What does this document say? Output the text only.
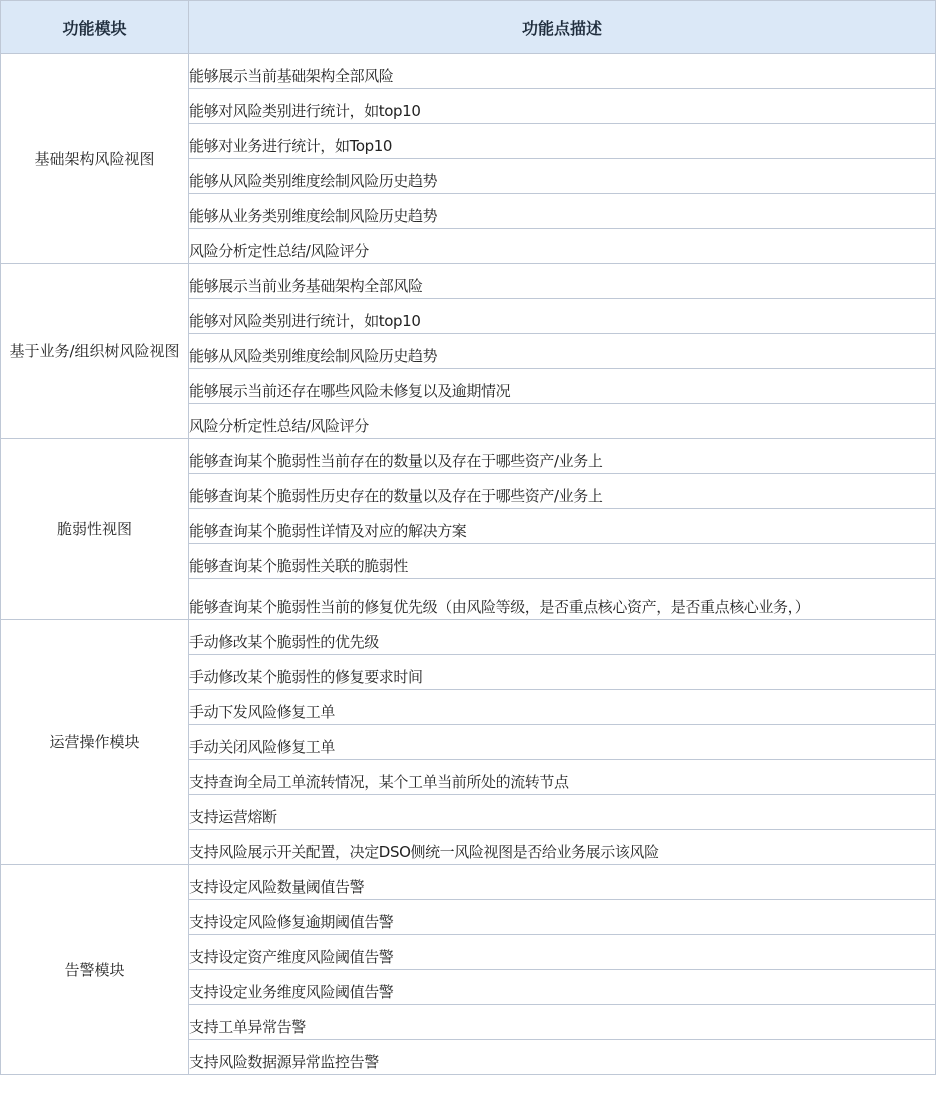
功能模块	功能点描述
基础架构风险视图	能够展示当前基础架构全部风险
	能够对风险类别进行统计，如top10
	能够对业务进行统计，如Top10
	能够从风险类别维度绘制风险历史趋势
	能够从业务类别维度绘制风险历史趋势
	风险分析定性总结/风险评分
基于业务/组织树风险视图	能够展示当前业务基础架构全部风险
	能够对风险类别进行统计，如top10
	能够从风险类别维度绘制风险历史趋势
	能够展示当前还存在哪些风险未修复以及逾期情况
	风险分析定性总结/风险评分
脆弱性视图	能够查询某个脆弱性当前存在的数量以及存在于哪些资产/业务上
	能够查询某个脆弱性历史存在的数量以及存在于哪些资产/业务上
	能够查询某个脆弱性详情及对应的解决方案
	能够查询某个脆弱性关联的脆弱性
	能够查询某个脆弱性当前的修复优先级（由风险等级，是否重点核心资产，是否重点核心业务，）
运营操作模块	手动修改某个脆弱性的优先级
	手动修改某个脆弱性的修复要求时间
	手动下发风险修复工单
	手动关闭风险修复工单
	支持查询全局工单流转情况，某个工单当前所处的流转节点
	支持运营熔断
	支持风险展示开关配置，决定DSO侧统一风险视图是否给业务展示该风险
告警模块	支持设定风险数量阈值告警
	支持设定风险修复逾期阈值告警
	支持设定资产维度风险阈值告警
	支持设定业务维度风险阈值告警
	支持工单异常告警
	支持风险数据源异常监控告警
